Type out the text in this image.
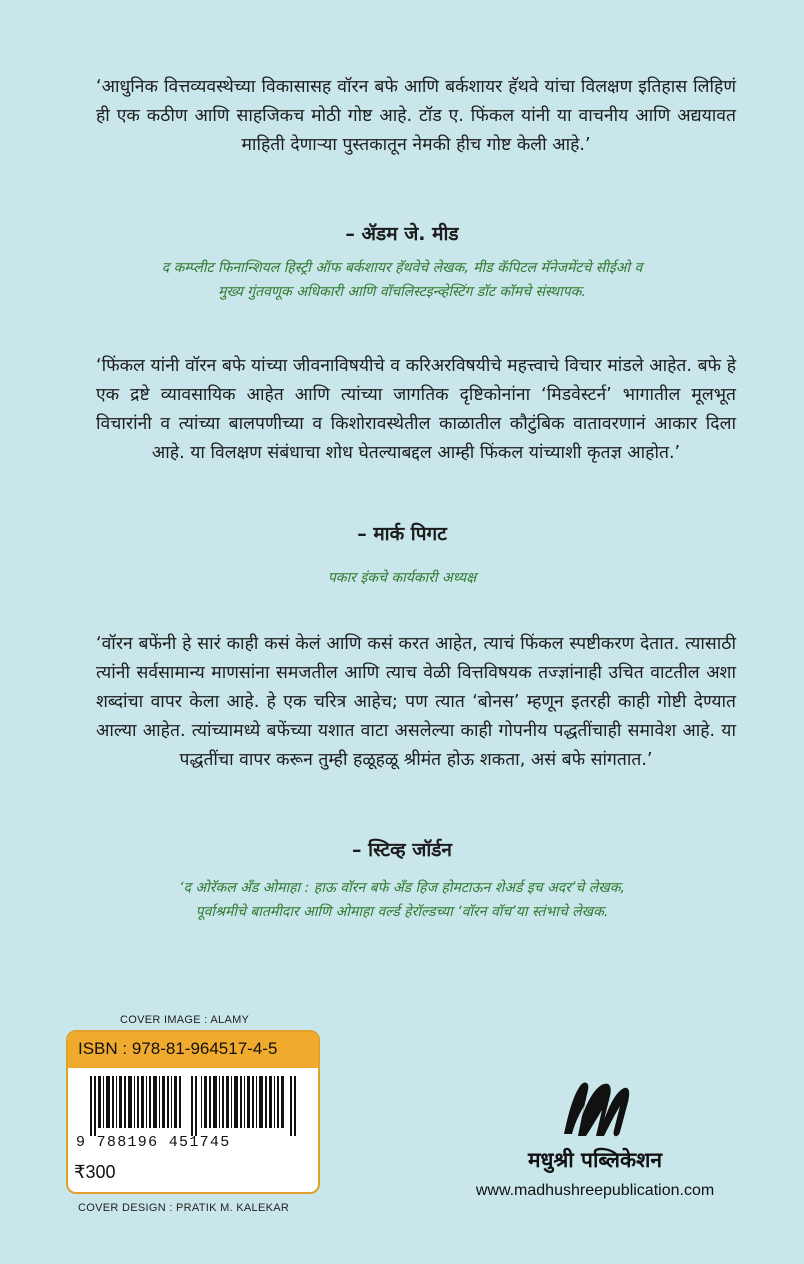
‘आधुनिक वित्तव्यवस्थेच्या विकासासह वॉरन बफे आणि बर्कशायर हॅथवे यांचा विलक्षण इतिहास लिहिणं ही एक कठीण आणि साहजिकच मोठी गोष्ट आहे. टॉड ए. फिंकल यांनी या वाचनीय आणि अद्ययावत माहिती देणाऱ्या पुस्तकातून नेमकी हीच गोष्ट केली आहे.’
– ॲडम जे. मीड
द कम्प्लीट फिनान्शियल हिस्ट्री ऑफ बर्कशायर हॅथवेचे लेखक, मीड कॅपिटल मॅनेजमेंटचे सीईओ व
मुख्य गुंतवणूक अधिकारी आणि वॉचलिस्टइन्व्हेस्टिंग डॉट कॉमचे संस्थापक.
‘फिंकल यांनी वॉरन बफे यांच्या जीवनाविषयीचे व करिअरविषयीचे महत्त्वाचे विचार मांडले आहेत. बफे हे एक द्रष्टे व्यावसायिक आहेत आणि त्यांच्या जागतिक दृष्टिकोनांना ‘मिडवेस्टर्न’ भागातील मूलभूत विचारांनी व त्यांच्या बालपणीच्या व किशोरावस्थेतील काळातील कौटुंबिक वातावरणानं आकार दिला आहे. या विलक्षण संबंधाचा शोध घेतल्याबद्दल आम्ही फिंकल यांच्याशी कृतज्ञ आहोत.’
– मार्क पिगट
पकार इंकचे कार्यकारी अध्यक्ष
‘वॉरन बफेंनी हे सारं काही कसं केलं आणि कसं करत आहेत, त्याचं फिंकल स्पष्टीकरण देतात. त्यासाठी त्यांनी सर्वसामान्य माणसांना समजतील आणि त्याच वेळी वित्तविषयक तज्ज्ञांनाही उचित वाटतील अशा शब्दांचा वापर केला आहे. हे एक चरित्र आहेच; पण त्यात ‘बोनस’ म्हणून इतरही काही गोष्टी देण्यात आल्या आहेत. त्यांच्यामध्ये बफेंच्या यशात वाटा असलेल्या काही गोपनीय पद्धतींचाही समावेश आहे. या पद्धतींचा वापर करून तुम्ही हळूहळू श्रीमंत होऊ शकता, असं बफे सांगतात.’
– स्टिव्ह जॉर्डन
‘द ओरॅकल अँड ओमाहा : हाऊ वॉरन बफे अँड हिज होमटाऊन शेअर्ड इच अदर’चे लेखक,
पूर्वाश्रमीचे बातमीदार आणि ओमाहा वर्ल्ड हेरॉल्डच्या ‘वॉरन वॉच’या स्तंभाचे लेखक.
COVER IMAGE : ALAMY
ISBN : 978-81-964517-4-5
9 788196 451745
₹300
COVER DESIGN : PRATIK M. KALEKAR
मधुश्री पब्लिकेशन
www.madhushreepublication.com
